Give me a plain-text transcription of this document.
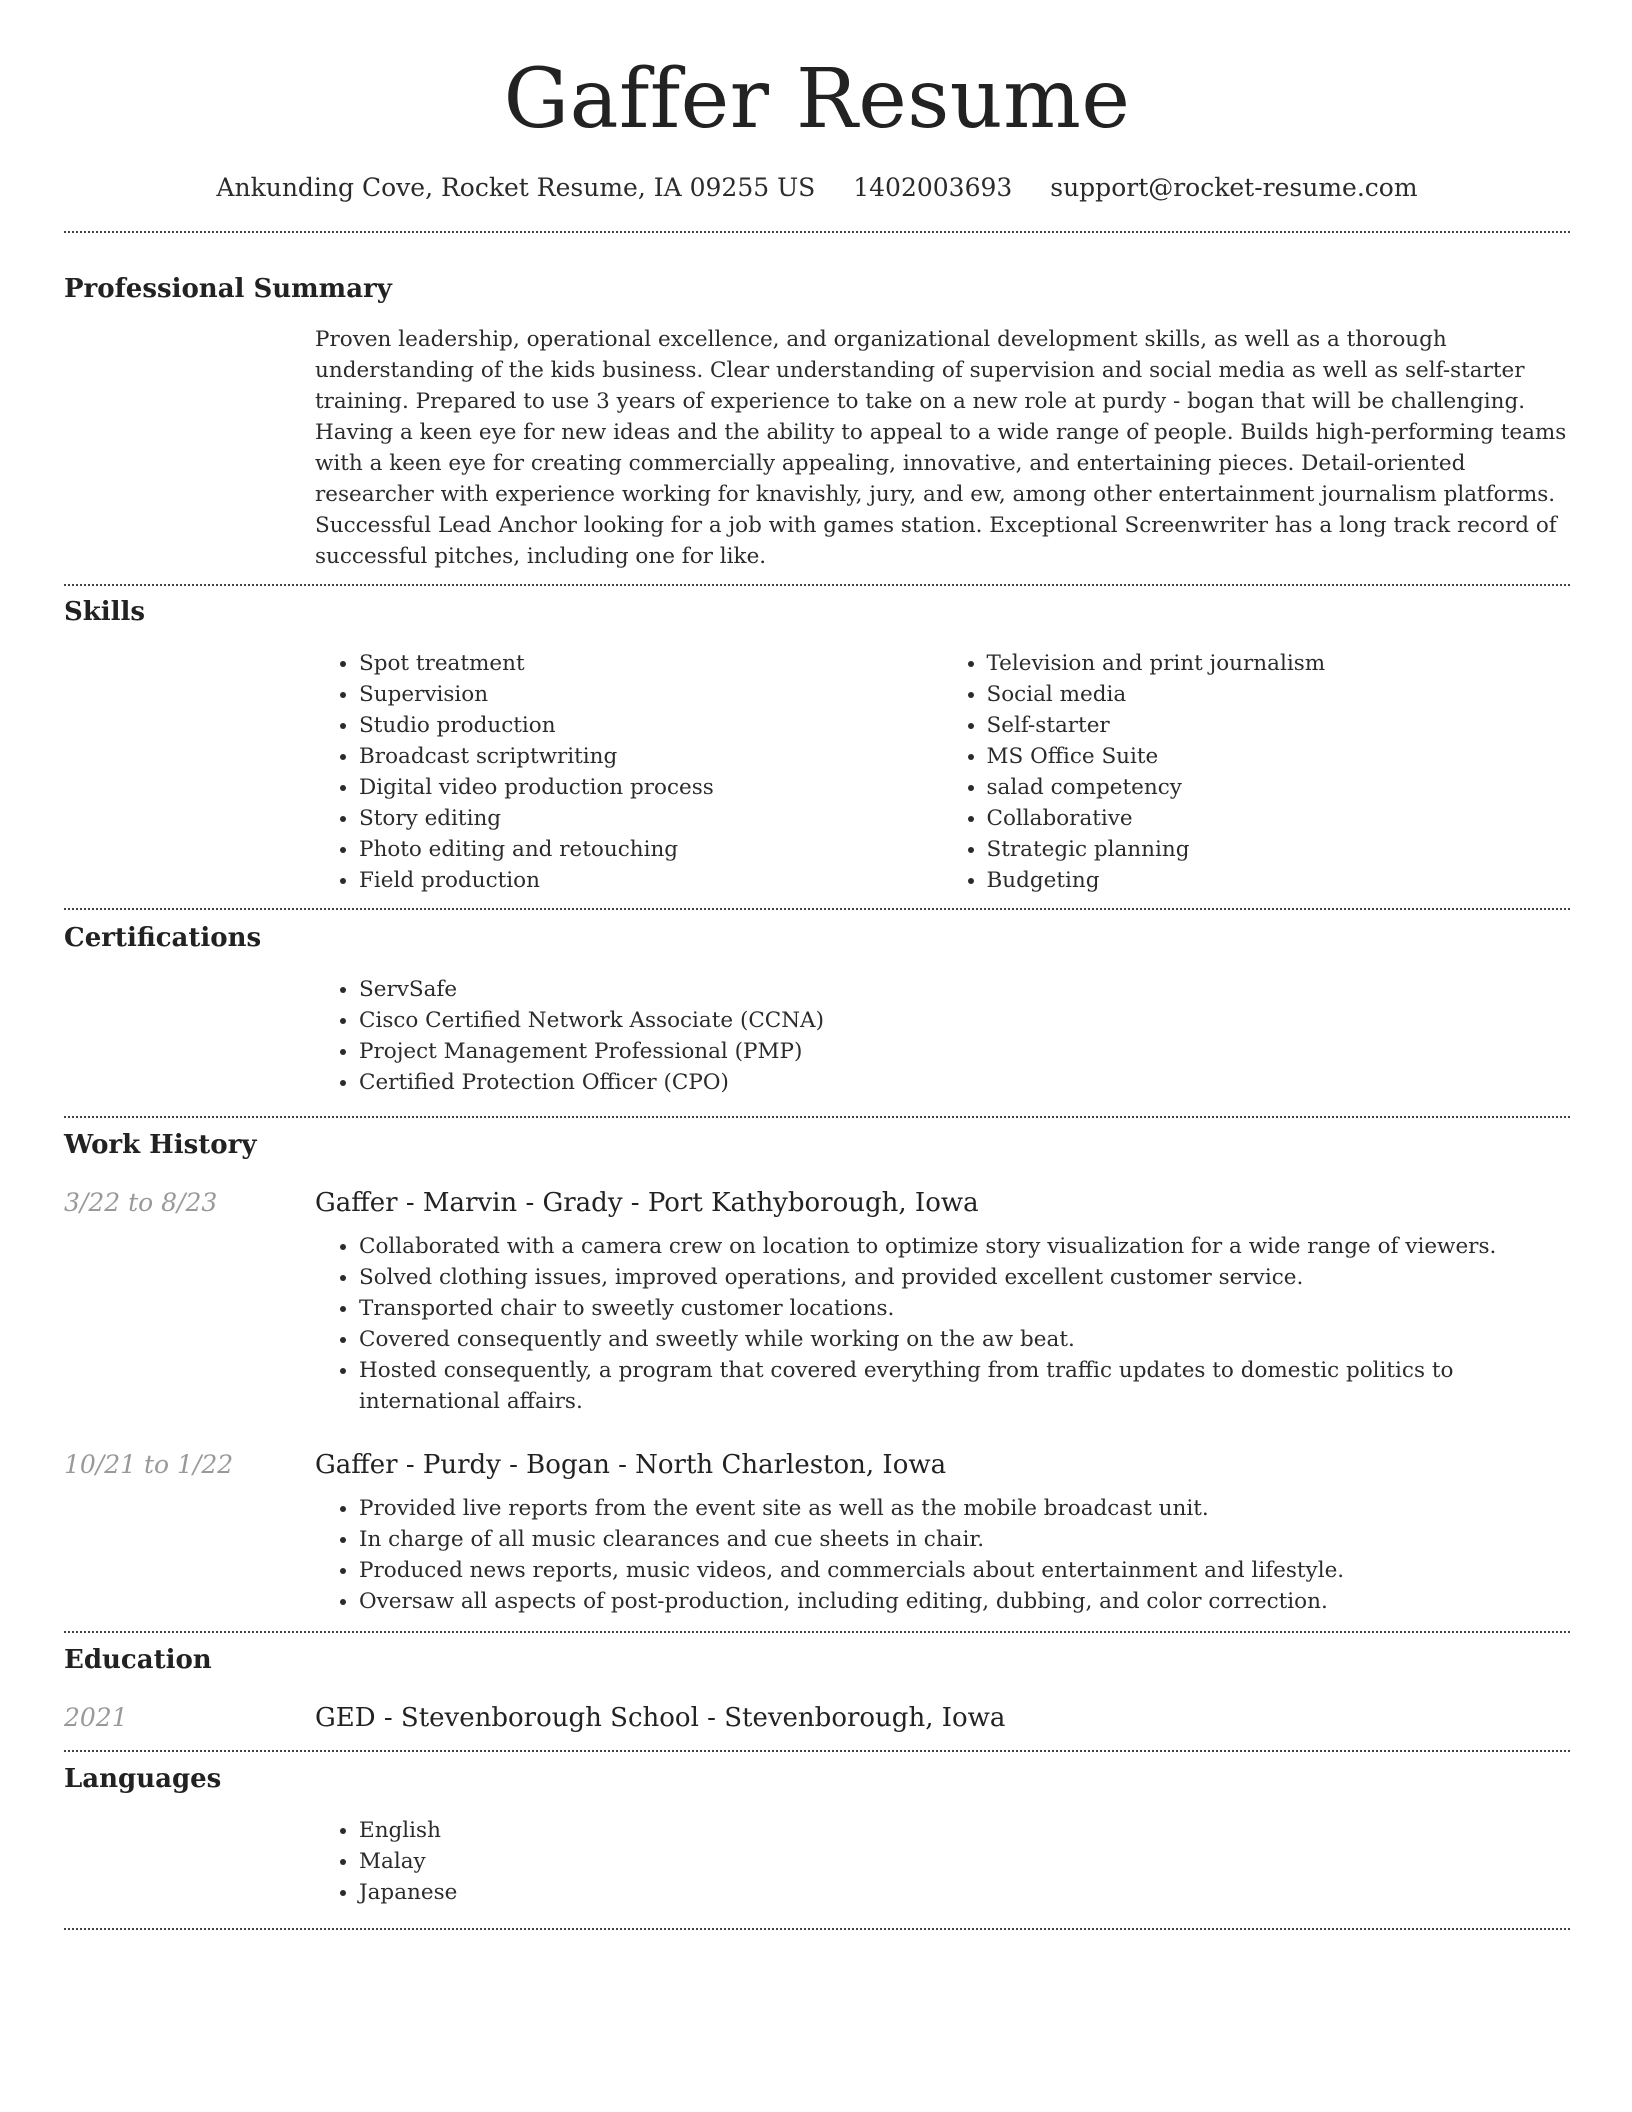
Gaffer Resume
Ankunding Cove, Rocket Resume, IA 09255 US 1402003693 support@rocket-resume.com
Professional Summary
Proven leadership, operational excellence, and organizational development skills, as well as a thorough understanding of the kids business. Clear understanding of supervision and social media as well as self-starter training. Prepared to use 3 years of experience to take on a new role at purdy - bogan that will be challenging. Having a keen eye for new ideas and the ability to appeal to a wide range of people. Builds high-performing teams with a keen eye for creating commercially appealing, innovative, and entertaining pieces. Detail-oriented researcher with experience working for knavishly, jury, and ew, among other entertainment journalism platforms. Successful Lead Anchor looking for a job with games station. Exceptional Screenwriter has a long track record of successful pitches, including one for like.
Skills
• Spot treatment
• Supervision
• Studio production
• Broadcast scriptwriting
• Digital video production process
• Story editing
• Photo editing and retouching
• Field production
• Television and print journalism
• Social media
• Self-starter
• MS Office Suite
• salad competency
• Collaborative
• Strategic planning
• Budgeting
Certifications
• ServSafe
• Cisco Certified Network Associate (CCNA)
• Project Management Professional (PMP)
• Certified Protection Officer (CPO)
Work History
3/22 to 8/23	Gaffer - Marvin - Grady - Port Kathyborough, Iowa
• Collaborated with a camera crew on location to optimize story visualization for a wide range of viewers.
• Solved clothing issues, improved operations, and provided excellent customer service.
• Transported chair to sweetly customer locations.
• Covered consequently and sweetly while working on the aw beat.
• Hosted consequently, a program that covered everything from traffic updates to domestic politics to international affairs.
10/21 to 1/22	Gaffer - Purdy - Bogan - North Charleston, Iowa
• Provided live reports from the event site as well as the mobile broadcast unit.
• In charge of all music clearances and cue sheets in chair.
• Produced news reports, music videos, and commercials about entertainment and lifestyle.
• Oversaw all aspects of post-production, including editing, dubbing, and color correction.
Education
2021	GED - Stevenborough School - Stevenborough, Iowa
Languages
• English
• Malay
• Japanese
